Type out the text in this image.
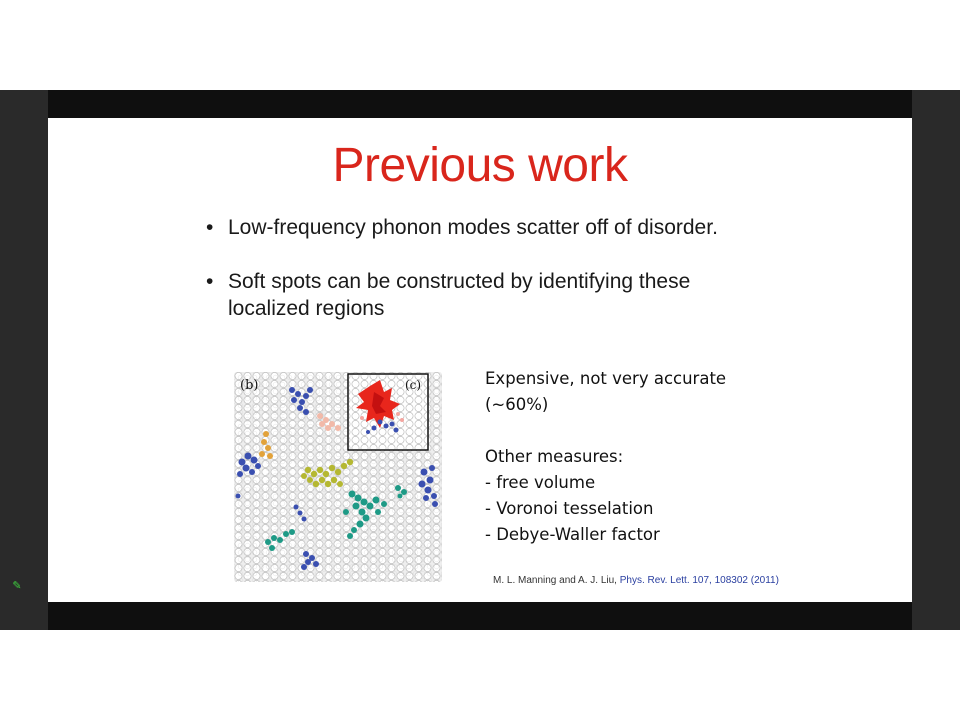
✎
Previous work
• Low-frequency phonon modes scatter off of disorder.
• Soft spots can be constructed by identifying these localized regions
(b)	(c)	Expensive, not very accurate
(~60%)
Other measures:
- free volume
- Voronoi tesselation
- Debye-Waller factor
M. L. Manning and A. J. Liu, Phys. Rev. Lett. 107, 108302 (2011)
